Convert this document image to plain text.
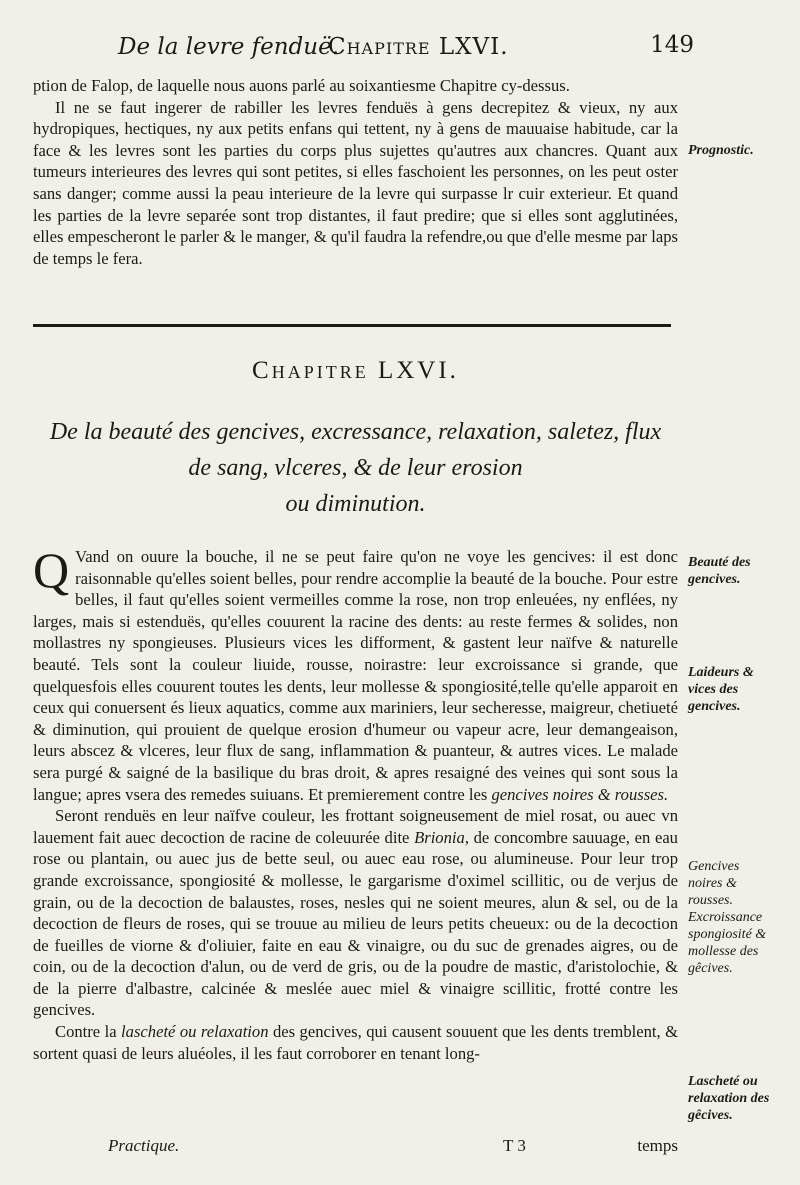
De la levre fenduë.
Chapitre LXVI.	149

ption de Falop, de laquelle nous auons parlé au soixantiesme Chapitre cy-dessus.

Il ne se faut ingerer de rabiller les levres fenduës à gens decrepitez & vieux, ny aux hydropiques, hectiques, ny aux petits enfans qui tettent, ny à gens de mauuaise habitude, car la face & les levres sont les parties du corps plus sujettes qu'autres aux chancres. Quant aux tumeurs interieures des levres qui sont petites, si elles faschoient les personnes, on les peut oster sans danger; comme aussi la peau interieure de la levre qui surpasse lr cuir exterieur. Et quand les parties de la levre separée sont trop distantes, il faut predire; que si elles sont agglutinées, elles empescheront le parler & le manger, & qu'il faudra la refendre,ou que d'elle mesme par laps de temps le fera.

Chapitre LXVI.
De la beauté des gencives, excressance, relaxation, saletez, flux
de sang, vlceres, & de leur erosion
ou diminution.

Q Vand on ouure la bouche, il ne se peut faire qu'on ne voye les gencives: il est donc raisonnable qu'elles soient belles, pour rendre accomplie la beauté de la bouche. Pour estre belles, il faut qu'elles soient vermeilles comme la rose, non trop enleuées, ny enflées, ny larges, mais si estenduës, qu'elles couurent la racine des dents: au reste fermes & solides, non mollastres ny spongieuses. Plusieurs vices les difforment, & gastent leur naïfve & naturelle beauté. Tels sont la couleur liuide, rousse, noirastre: leur excroissance si grande, que quelquesfois elles couurent toutes les dents, leur mollesse & spongiosité,telle qu'elle apparoit en ceux qui conuersent és lieux aquatics, comme aux mariniers, leur secheresse, maigreur, chetiueté & diminution, qui prouient de quelque erosion d'humeur ou vapeur acre, leur demangeaison, leurs abscez & vlceres, leur flux de sang, inflammation & puanteur, & autres vices. Le malade sera purgé & saigné de la basilique du bras droit, & apres resaigné des veines qui sont sous la langue; apres vsera des remedes suiuans. Et premierement contre les gencives noires & rousses.

Seront renduës en leur naïfve couleur, les frottant soigneusement de miel rosat, ou auec vn lauement fait auec decoction de racine de coleuurée dite Brionia, de concombre sauuage, en eau rose ou plantain, ou auec jus de bette seul, ou auec eau rose, ou alumineuse. Pour leur trop grande excroissance, spongiosité & mollesse, le gargarisme d'oximel scillitic, ou de verjus de grain, ou de la decoction de balaustes, roses, nesles qui ne soient meures, alun & sel, ou de la decoction de fleurs de roses, qui se trouue au milieu de leurs petits cheueux: ou de la decoction de fueilles de viorne & d'oliuier, faite en eau & vinaigre, ou du suc de grenades aigres, ou de coin, ou de la decoction d'alun, ou de verd de gris, ou de la poudre de mastic, d'aristolochie, & de la pierre d'albastre, calcinée & meslée auec miel & vinaigre scillitic, frotté contre les gencives.

Contre la lascheté ou relaxation des gencives, qui causent souuent que les dents tremblent, & sortent quasi de leurs aluéoles, il les faut corroborer en tenant long-

Prognostic.
Beauté des gencives.
Laideurs & vices des gencives.
Gencives noires & rousses. Excroissance spongiosité & mollesse des gêcives.
Lascheté ou relaxation des gêcives.
Practique.	T 3	temps
